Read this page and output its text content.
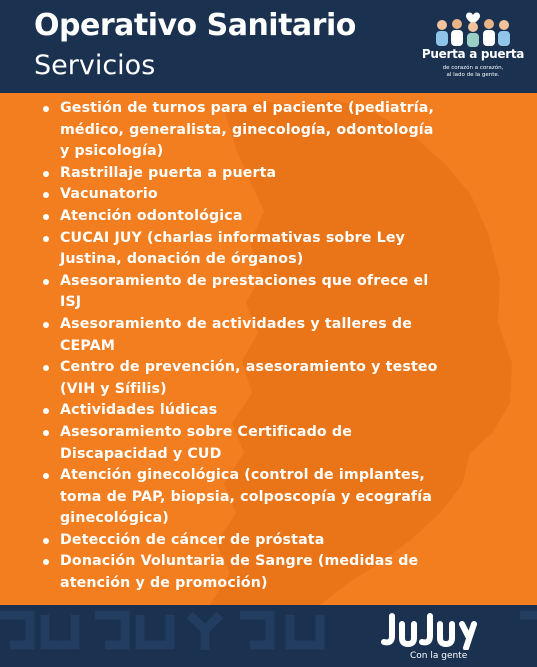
Operativo Sanitario
Servicios	Puerta a puerta
de corazón a corazón,
al lado de la gente.
Gestión de turnos para el paciente (pediatría,
médico, generalista, ginecología, odontología
y psicología)
Rastrillaje puerta a puerta
Vacunatorio
Atención odontológica
CUCAI JUY (charlas informativas sobre Ley
Justina, donación de órganos)
Asesoramiento de prestaciones que ofrece el
ISJ
Asesoramiento de actividades y talleres de
CEPAM
Centro de prevención, asesoramiento y testeo
(VIH y Sífilis)
Actividades lúdicas
Asesoramiento sobre Certificado de
Discapacidad y CUD
Atención ginecológica (control de implantes,
toma de PAP, biopsia, colposcopía y ecografía
ginecológica)
Detección de cáncer de próstata
Donación Voluntaria de Sangre (medidas de
atención y de promoción)
Con la gente
